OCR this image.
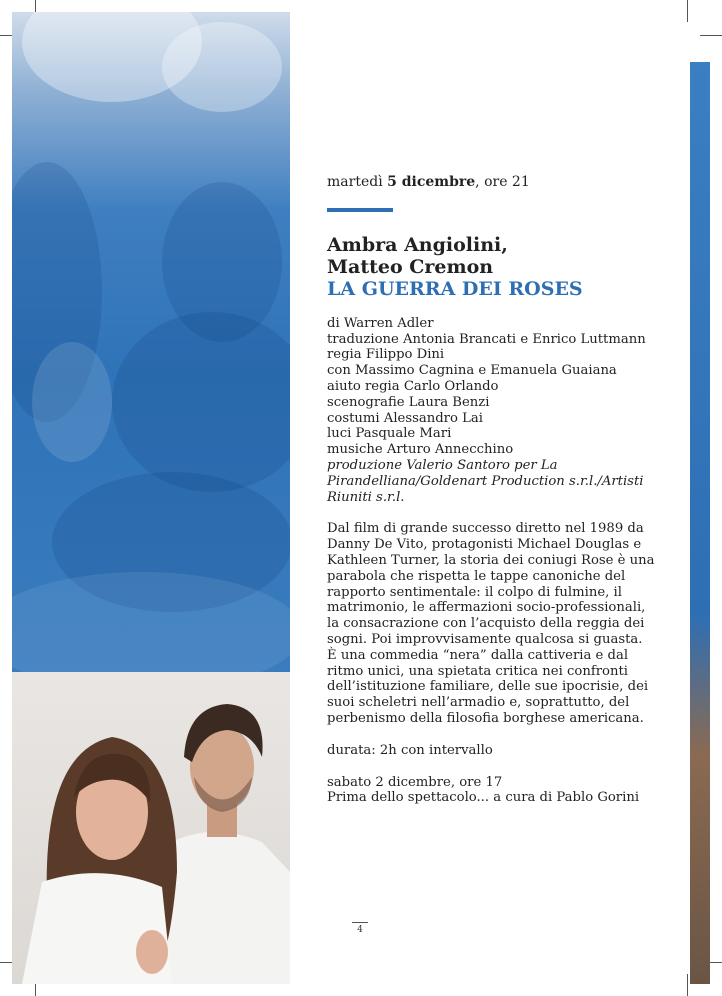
martedì 5 dicembre, ore 21
Ambra Angiolini,
Matteo Cremon
LA GUERRA DEI ROSES
di Warren Adler
traduzione Antonia Brancati e Enrico Luttmann
regia Filippo Dini
con Massimo Cagnina e Emanuela Guaiana
aiuto regia Carlo Orlando
scenografie Laura Benzi
costumi Alessandro Lai
luci Pasquale Mari
musiche Arturo Annecchino
produzione Valerio Santoro per La Pirandelliana/Goldenart Production s.r.l./Artisti Riuniti s.r.l.
Dal film di grande successo diretto nel 1989 da Danny De Vito, protagonisti Michael Douglas e Kathleen Turner, la storia dei coniugi Rose è una parabola che rispetta le tappe canoniche del rapporto sentimentale: il colpo di fulmine, il matrimonio, le affermazioni socio-professionali, la consacrazione con l’acquisto della reggia dei sogni. Poi improvvisamente qualcosa si guasta.
È una commedia “nera” dalla cattiveria e dal ritmo unici, una spietata critica nei confronti dell’istituzione familiare, delle sue ipocrisie, dei suoi scheletri nell’armadio e, soprattutto, del perbenismo della filosofia borghese americana.
durata: 2h con intervallo
sabato 2 dicembre, ore 17
Prima dello spettacolo... a cura di Pablo Gorini
4
